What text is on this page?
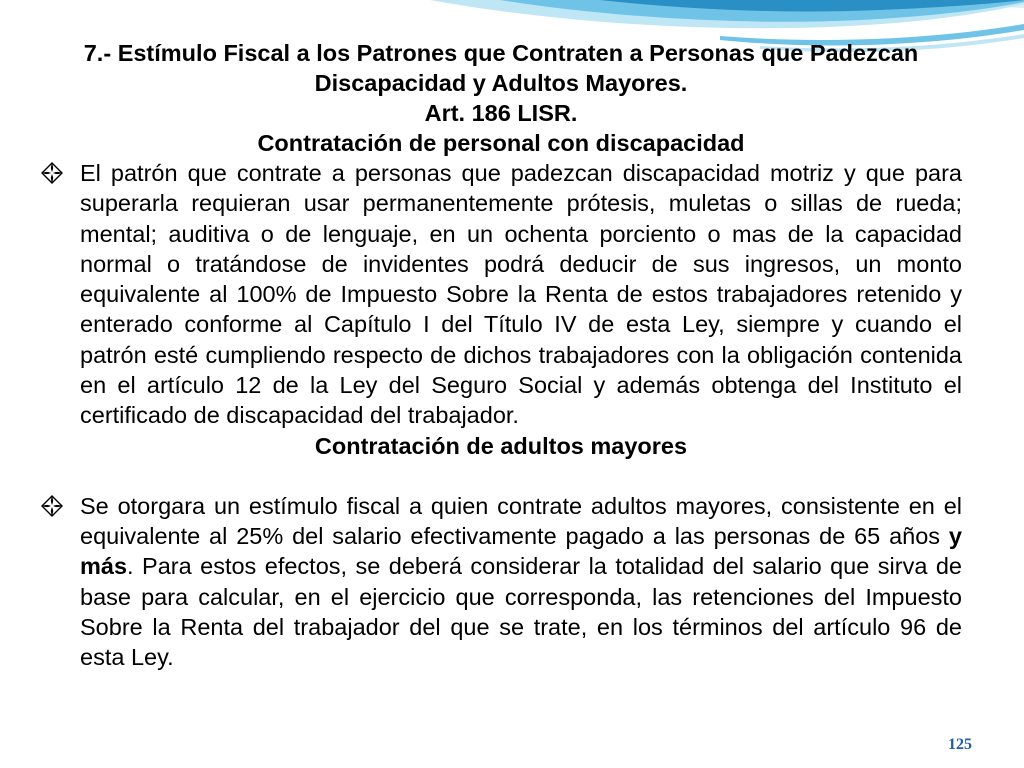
7.- Estímulo Fiscal a los Patrones que Contraten a Personas que Padezcan

Discapacidad y Adultos Mayores.

Art. 186 LISR.

Contratación de personal con discapacidad

El patrón que contrate a personas que padezcan discapacidad motriz y que para superarla requieran usar permanentemente prótesis, muletas o sillas de rueda; mental; auditiva o de lenguaje, en un ochenta porciento o mas de la capacidad normal o tratándose de invidentes podrá deducir de sus ingresos, un monto equivalente al 100% de Impuesto Sobre la Renta de estos trabajadores retenido y enterado conforme al Capítulo I del Título IV de esta Ley, siempre y cuando el patrón esté cumpliendo respecto de dichos trabajadores con la obligación contenida en el artículo 12 de la Ley del Seguro Social y además obtenga del Instituto el certificado de discapacidad del trabajador.

Contratación de adultos mayores

Se otorgara un estímulo fiscal a quien contrate adultos mayores, consistente en el equivalente al 25% del salario efectivamente pagado a las personas de 65 años y más. Para estos efectos, se deberá considerar la totalidad del salario que sirva de base para calcular, en el ejercicio que corresponda, las retenciones del Impuesto Sobre la Renta del trabajador del que se trate, en los términos del artículo 96 de esta Ley.

125
